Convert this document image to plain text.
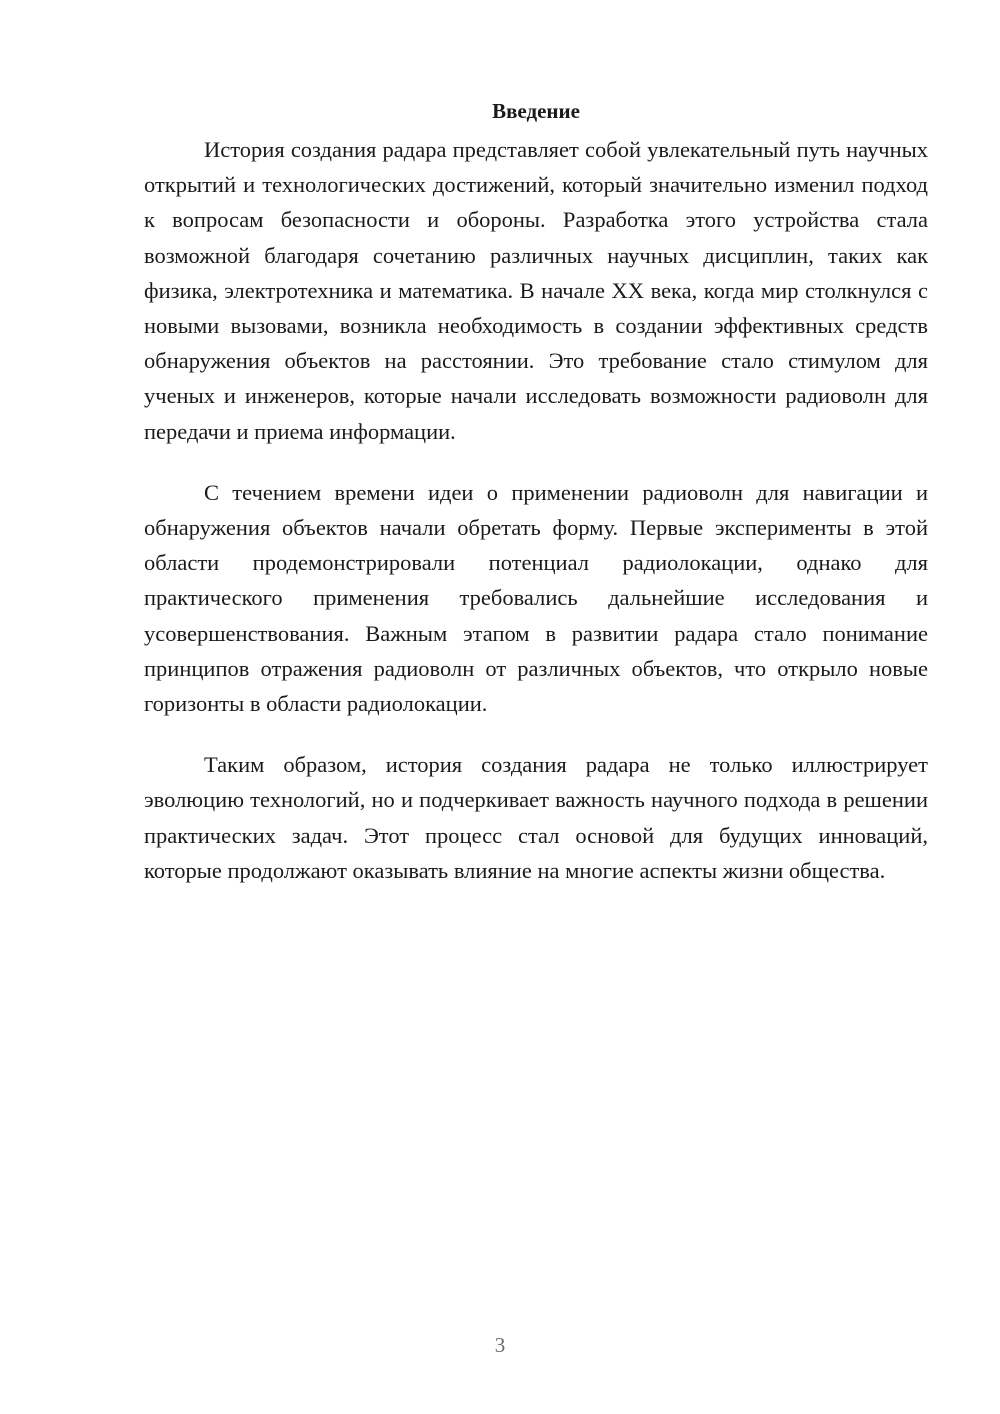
Введение

История создания радара представляет собой увлекательный путь научных открытий и технологических достижений, который значительно изменил подход к вопросам безопасности и обороны. Разработка этого устройства стала возможной благодаря сочетанию различных научных дисциплин, таких как физика, электротехника и математика. В начале XX века, когда мир столкнулся с новыми вызовами, возникла необходимость в создании эффективных средств обнаружения объектов на расстоянии. Это требование стало стимулом для ученых и инженеров, которые начали исследовать возможности радиоволн для передачи и приема информации.

С течением времени идеи о применении радиоволн для навигации и обнаружения объектов начали обретать форму. Первые эксперименты в этой области продемонстрировали потенциал радиолокации, однако для практического применения требовались дальнейшие исследования и усовершенствования. Важным этапом в развитии радара стало понимание принципов отражения радиоволн от различных объектов, что открыло новые горизонты в области радиолокации.

Таким образом, история создания радара не только иллюстрирует эволюцию технологий, но и подчеркивает важность научного подхода в решении практических задач. Этот процесс стал основой для будущих инноваций, которые продолжают оказывать влияние на многие аспекты жизни общества.

3
